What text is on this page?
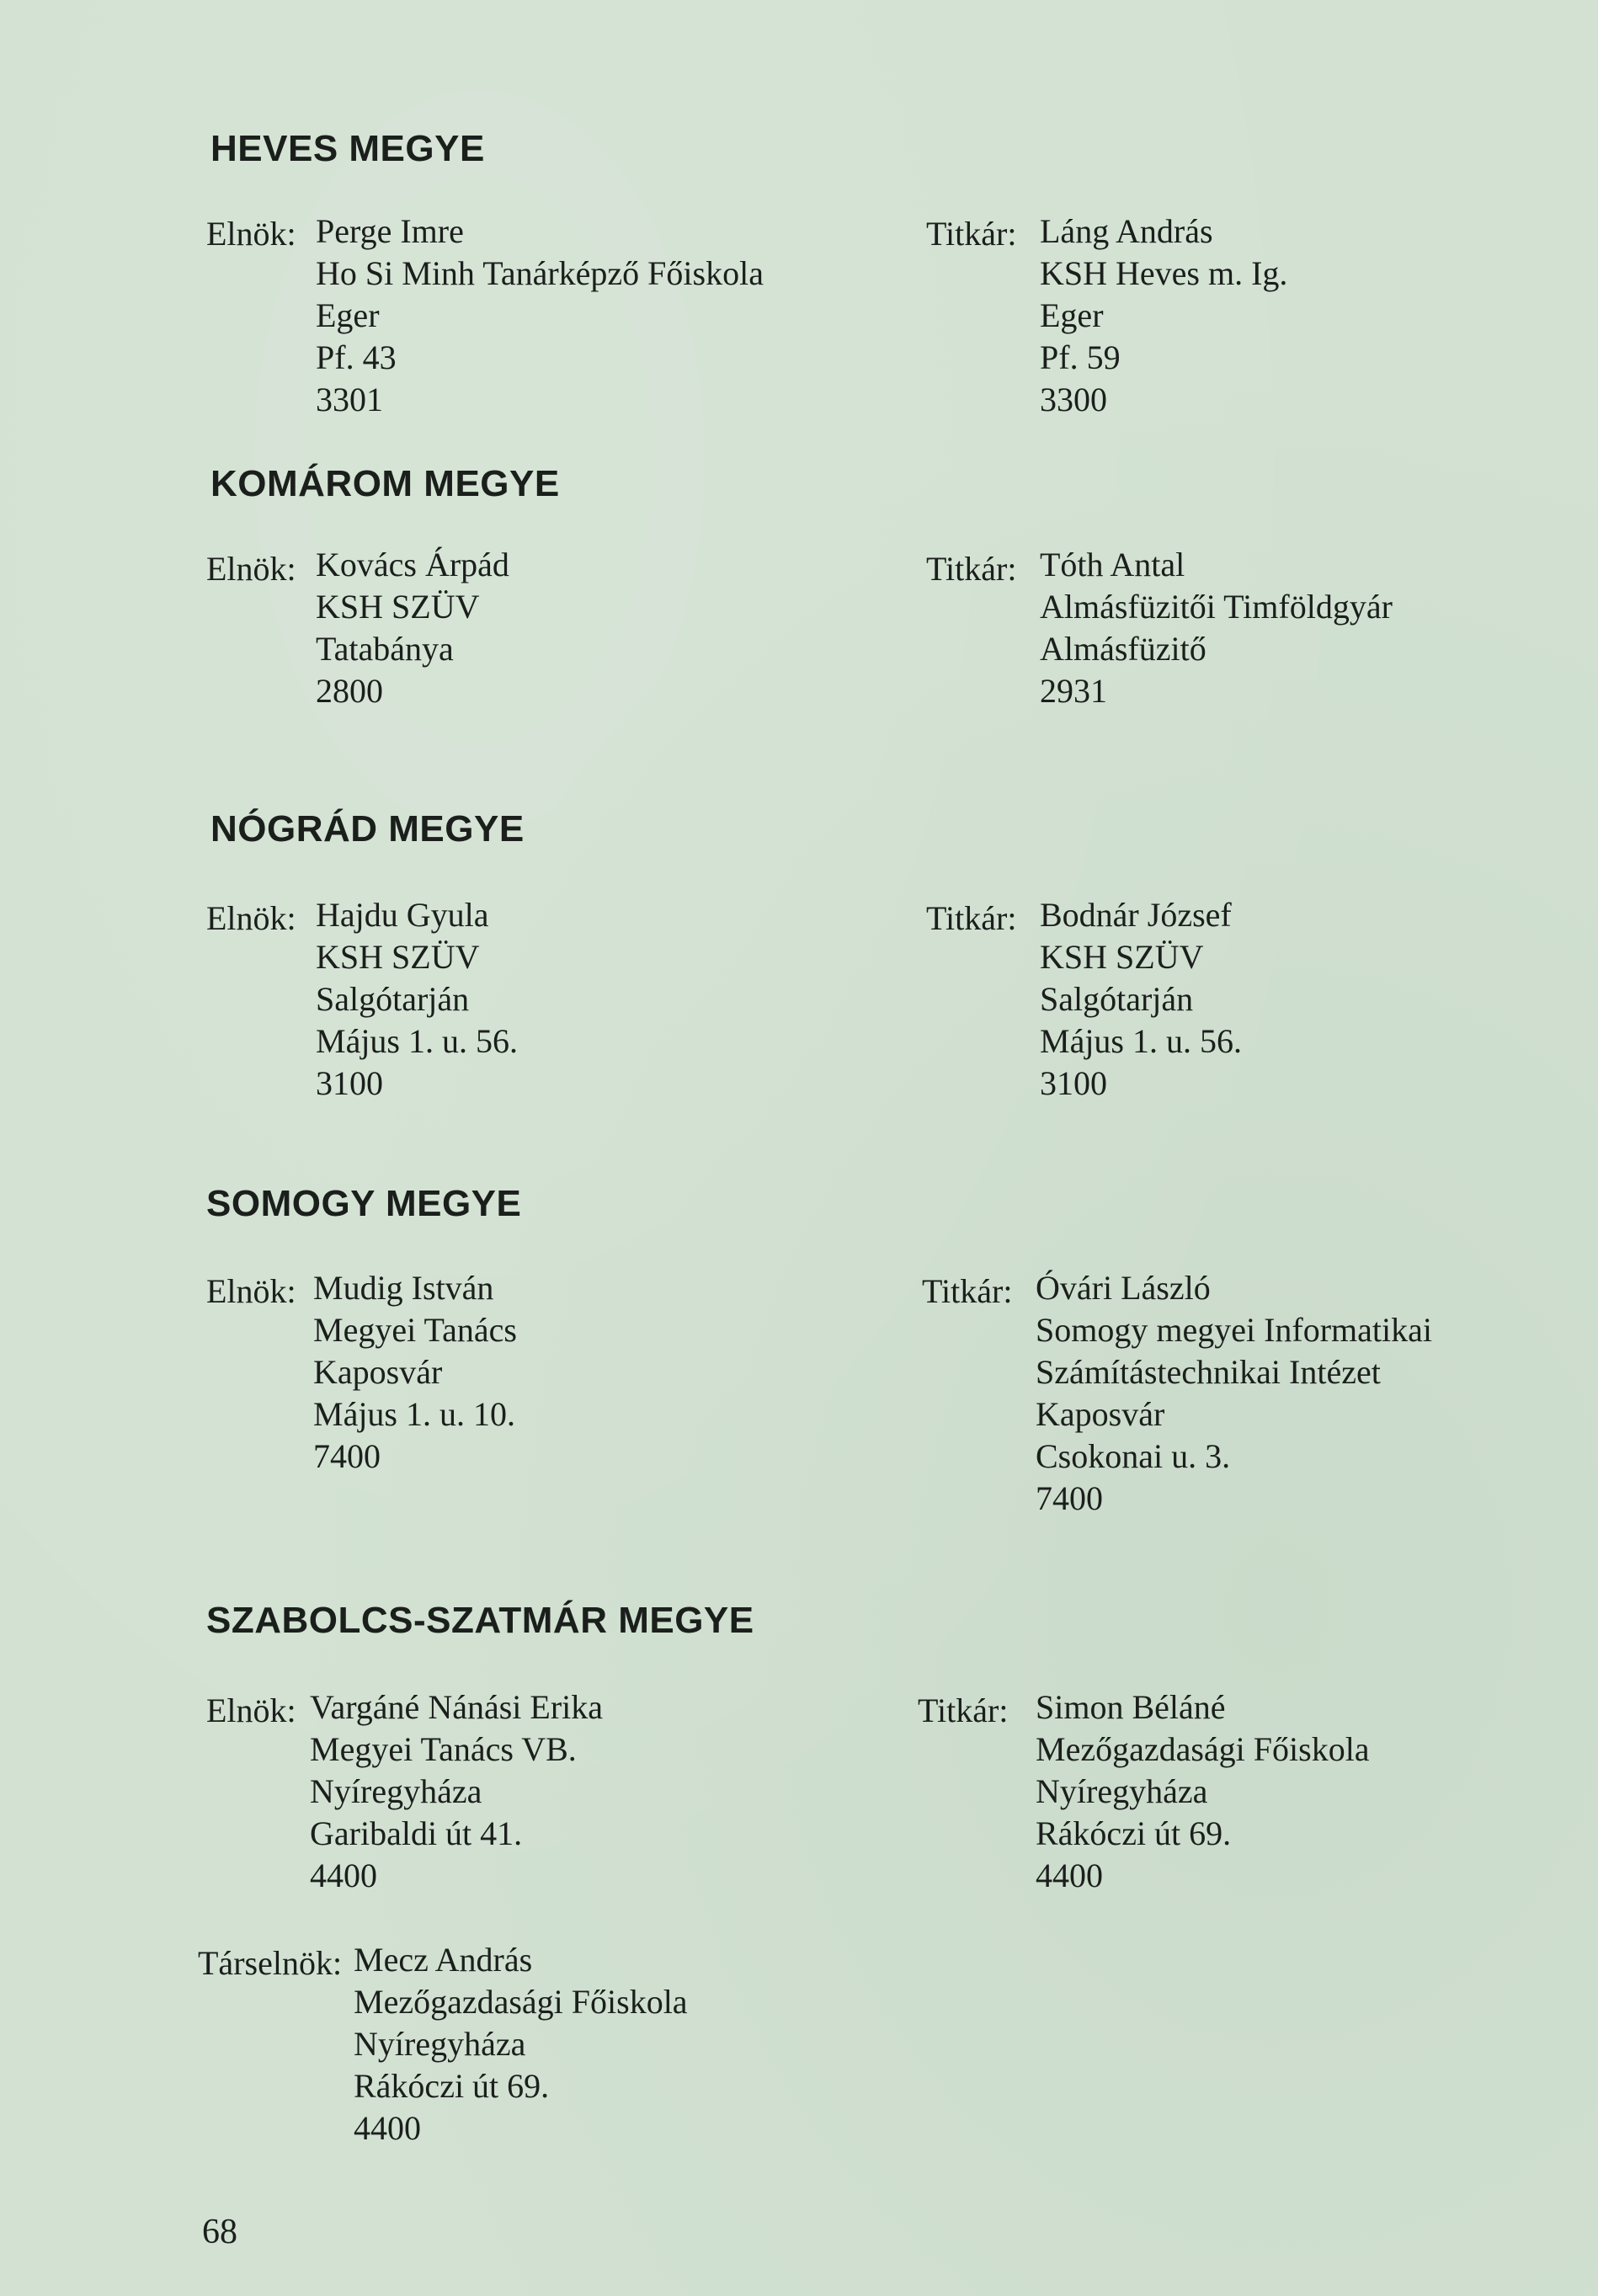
HEVES MEGYE
Elnök: Perge Imre
Ho Si Minh Tanárképző Főiskola
Eger
Pf. 43
3301
Titkár: Láng András
KSH Heves m. Ig.
Eger
Pf. 59
3300
KOMÁROM MEGYE
Elnök: Kovács Árpád
KSH SZÜV
Tatabánya
2800
Titkár: Tóth Antal
Almásfüzitői Timföldgyár
Almásfüzitő
2931
NÓGRÁD MEGYE
Elnök: Hajdu Gyula
KSH SZÜV
Salgótarján
Május 1. u. 56.
3100
Titkár: Bodnár József
KSH SZÜV
Salgótarján
Május 1. u. 56.
3100
SOMOGY MEGYE
Elnök: Mudig István
Megyei Tanács
Kaposvár
Május 1. u. 10.
7400
Titkár: Óvári László
Somogy megyei Informatikai
Számítástechnikai Intézet
Kaposvár
Csokonai u. 3.
7400
SZABOLCS-SZATMÁR MEGYE
Elnök: Vargáné Nánási Erika
Megyei Tanács VB.
Nyíregyháza
Garibaldi út 41.
4400
Titkár: Simon Béláné
Mezőgazdasági Főiskola
Nyíregyháza
Rákóczi út 69.
4400
Társelnök: Mecz András
Mezőgazdasági Főiskola
Nyíregyháza
Rákóczi út 69.
4400
68
